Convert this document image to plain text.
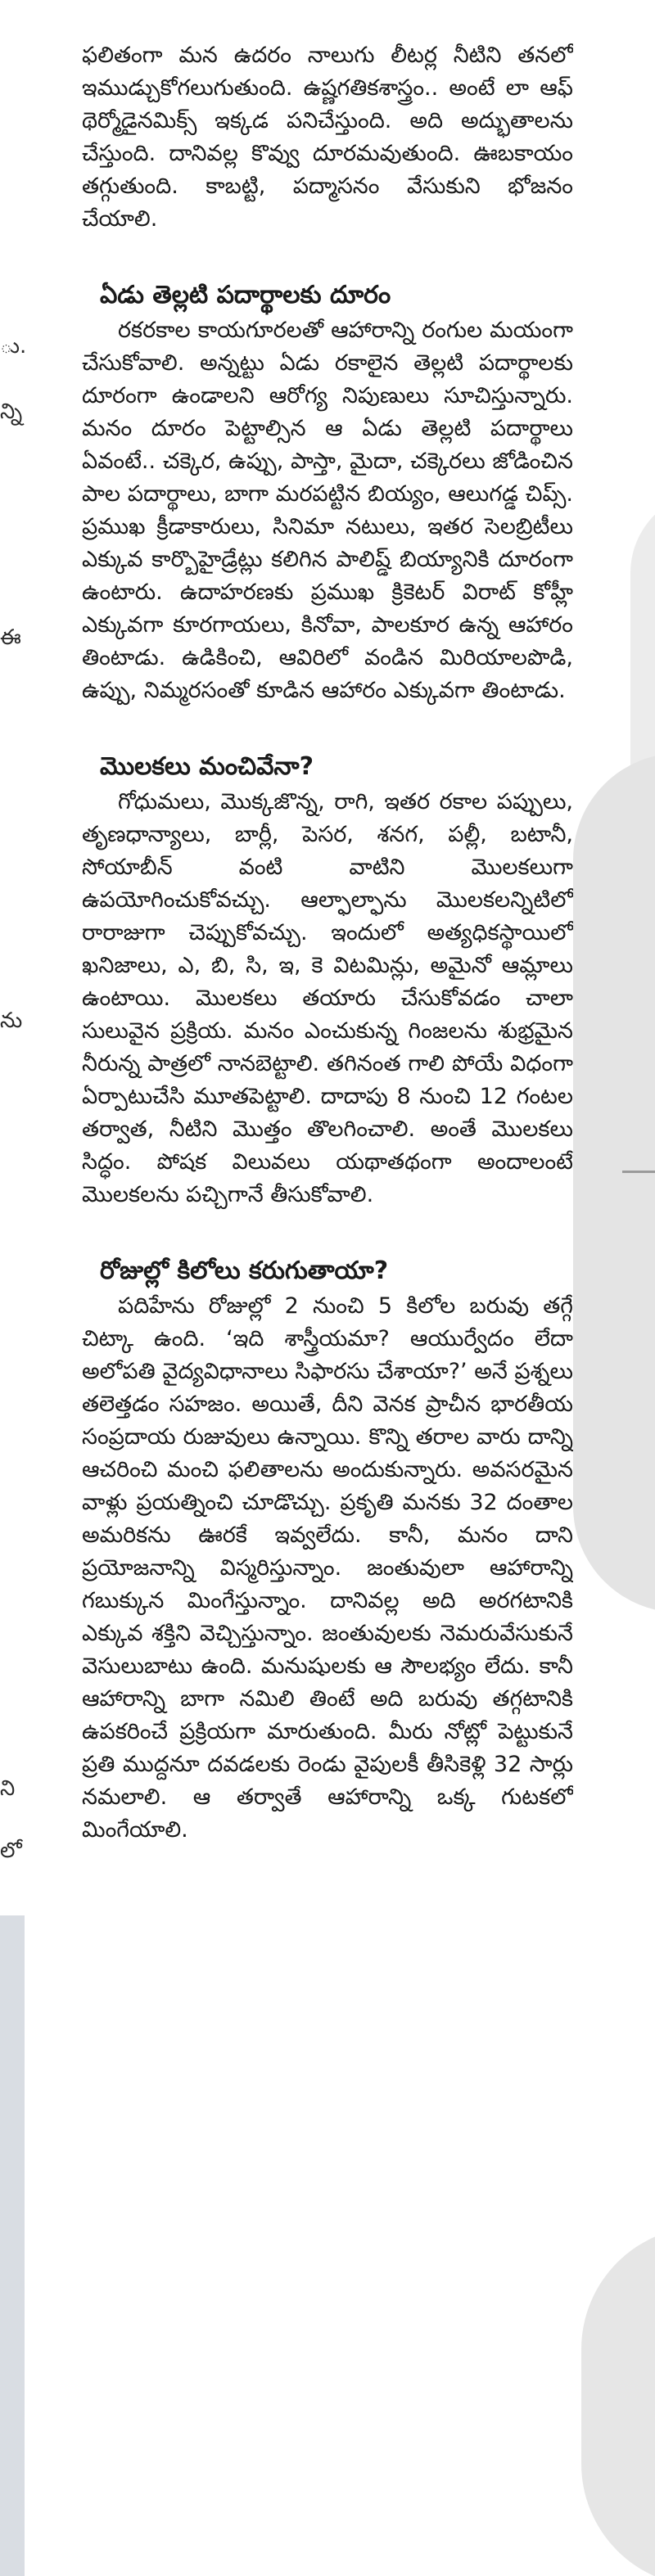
ు.
న్ని
ఈ
ను
ని
లో

ఫలితంగా మన ఉదరం నాలుగు లీటర్ల నీటిని తనలో ఇముడ్చుకోగలుగుతుంది. ఉష్ణగతికశాస్త్రం.. అంటే లా ఆఫ్ థెర్మోడైనమిక్స్ ఇక్కడ పనిచేస్తుంది. అది అద్భుతాలను చేస్తుంది. దానివల్ల కొవ్వు దూరమవుతుంది. ఊబకాయం తగ్గుతుంది. కాబట్టి, పద్మాసనం వేసుకుని భోజనం చేయాలి.

ఏడు తెల్లటి పదార్థాలకు దూరం

రకరకాల కాయగూరలతో ఆహారాన్ని రంగుల మయంగా చేసుకోవాలి. అన్నట్టు ఏడు రకాలైన తెల్లటి పదార్థాలకు దూరంగా ఉండాలని ఆరోగ్య నిపుణులు సూచిస్తున్నారు. మనం దూరం పెట్టాల్సిన ఆ ఏడు తెల్లటి పదార్థాలు ఏవంటే.. చక్కెర, ఉప్పు, పాస్తా, మైదా, చక్కెరలు జోడించిన పాల పదార్థాలు, బాగా మరపట్టిన బియ్యం, ఆలుగడ్డ చిప్స్. ప్రముఖ క్రీడాకారులు, సినిమా నటులు, ఇతర సెలబ్రిటీలు ఎక్కువ కార్బొహైడ్రేట్లు కలిగిన పాలిష్డ్ బియ్యానికి దూరంగా ఉంటారు. ఉదాహరణకు ప్రముఖ క్రికెటర్ విరాట్ కోహ్లీ ఎక్కువగా కూరగాయలు, కినోవా, పాలకూర ఉన్న ఆహారం తింటాడు. ఉడికించి, ఆవిరిలో వండిన మిరియాలపొడి, ఉప్పు, నిమ్మరసంతో కూడిన ఆహారం ఎక్కువగా తింటాడు.

మొలకలు మంచివేనా?

గోధుమలు, మొక్కజొన్న, రాగి, ఇతర రకాల పప్పులు, తృణధాన్యాలు, బార్లీ, పెసర, శనగ, పల్లీ, బటానీ, సోయాబీన్ వంటి వాటిని మొలకలుగా ఉపయోగించుకోవచ్చు. ఆల్ఫాల్ఫాను మొలకలన్నిటిలో రారాజుగా చెప్పుకోవచ్చు. ఇందులో అత్యధికస్థాయిలో ఖనిజాలు, ఎ, బి, సి, ఇ, కె విటమిన్లు, అమైనో ఆమ్లాలు ఉంటాయి. మొలకలు తయారు చేసుకోవడం చాలా సులువైన ప్రక్రియ. మనం ఎంచుకున్న గింజలను శుభ్రమైన నీరున్న పాత్రలో నానబెట్టాలి. తగినంత గాలి పోయే విధంగా ఏర్పాటుచేసి మూతపెట్టాలి. దాదాపు 8 నుంచి 12 గంటల తర్వాత, నీటిని మొత్తం తొలగించాలి. అంతే మొలకలు సిద్ధం. పోషక విలువలు యథాతథంగా అందాలంటే మొలకలను పచ్చిగానే తీసుకోవాలి.

రోజుల్లో కిలోలు కరుగుతాయా?

పదిహేను రోజుల్లో 2 నుంచి 5 కిలోల బరువు తగ్గే చిట్కా ఉంది. ‘ఇది శాస్త్రీయమా? ఆయుర్వేదం లేదా అలోపతి వైద్యవిధానాలు సిఫారసు చేశాయా?’ అనే ప్రశ్నలు తలెత్తడం సహజం. అయితే, దీని వెనక ప్రాచీన భారతీయ సంప్రదాయ రుజువులు ఉన్నాయి. కొన్ని తరాల వారు దాన్ని ఆచరించి మంచి ఫలితాలను అందుకున్నారు. అవసరమైన వాళ్లు ప్రయత్నించి చూడొచ్చు. ప్రకృతి మనకు 32 దంతాల అమరికను ఊరకే ఇవ్వలేదు. కానీ, మనం దాని ప్రయోజనాన్ని విస్మరిస్తున్నాం. జంతువులా ఆహారాన్ని గబుక్కున మింగేస్తున్నాం. దానివల్ల అది అరగటానికి ఎక్కువ శక్తిని వెచ్చిస్తున్నాం. జంతువులకు నెమరువేసుకునే వెసులుబాటు ఉంది. మనుషులకు ఆ సౌలభ్యం లేదు. కానీ ఆహారాన్ని బాగా నమిలి తింటే అది బరువు తగ్గటానికి ఉపకరించే ప్రక్రియగా మారుతుంది. మీరు నోట్లో పెట్టుకునే ప్రతి ముద్దనూ దవడలకు రెండు వైపులకీ తీసికెళ్లి 32 సార్లు నమలాలి. ఆ తర్వాతే ఆహారాన్ని ఒక్క గుటకలో మింగేయాలి.
